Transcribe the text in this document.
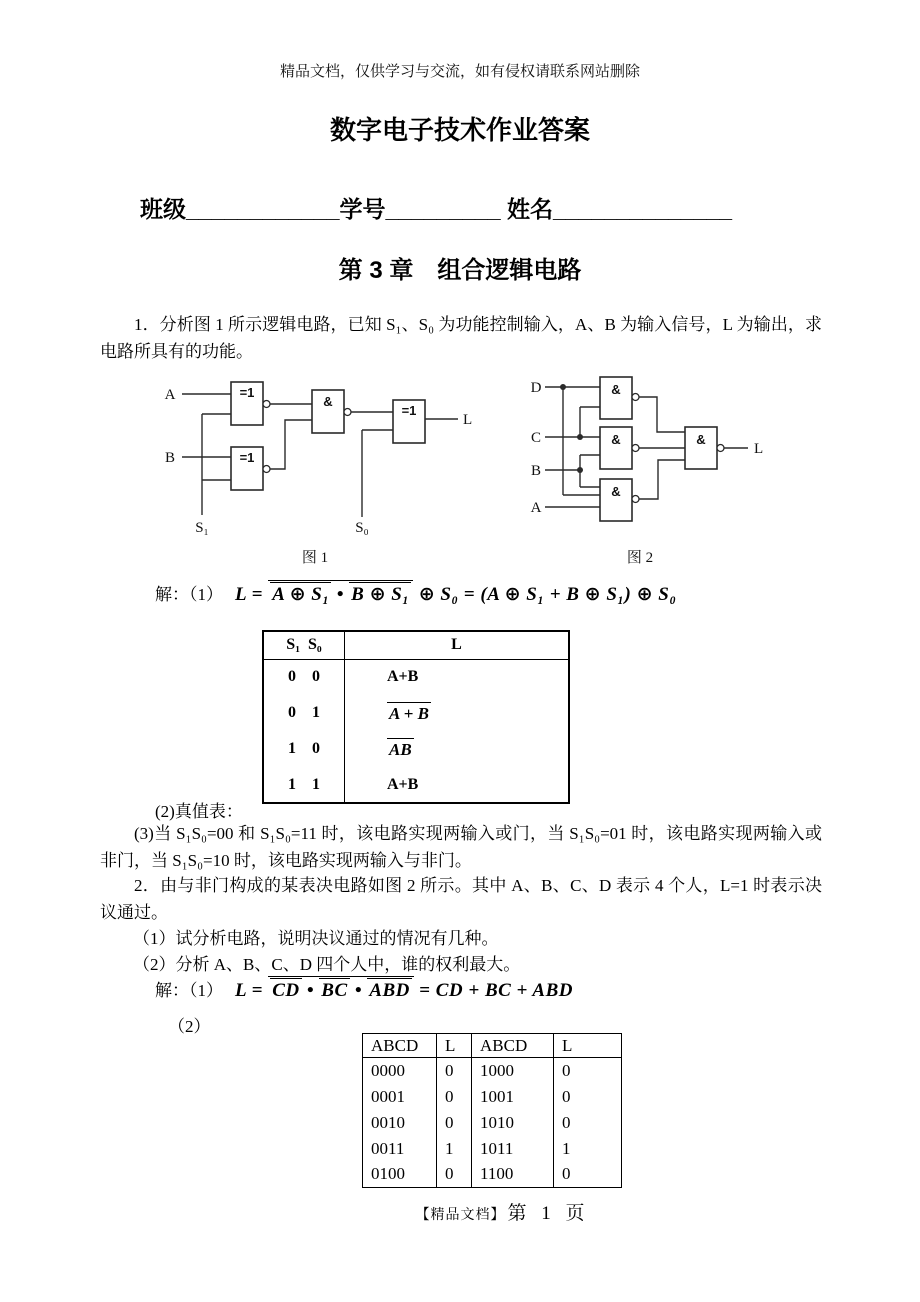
精品文档，仅供学习与交流，如有侵权请联系网站删除
数字电子技术作业答案
班级____________学号_________ 姓名______________
第 3 章　组合逻辑电路
1．分析图 1 所示逻辑电路，已知 S₁、S₀ 为功能控制输入，A、B 为输入信号，L 为输出，求电路所具有的功能。
=1
=1
&
=1
A
B
S₁	S₀
L
图 1
&
&
&
&
D
C
B
A
L
图 2
解：（1） L = A ⊕ S₁ • B ⊕ S₁ ⊕ S₀ = (A ⊕ S₁ + B ⊕ S₁) ⊕ S₀
S₁ S₀	L
0 0	A+B
0 1	A + B
1 0	AB
1 1	A+B
(2)真值表：
(3)当 S₁S₀=00 和 S₁S₀=11 时，该电路实现两输入或门，当 S₁S₀=01 时，该电路实现两输入或非门，当 S₁S₀=10 时，该电路实现两输入与非门。
2．由与非门构成的某表决电路如图 2 所示。其中 A、B、C、D 表示 4 个人，L=1 时表示决议通过。
（1）试分析电路，说明决议通过的情况有几种。
（2）分析 A、B、C、D 四个人中，谁的权利最大。
解：（1） L = CD • BC • ABD = CD + BC + ABD
（2）
ABCD	L	ABCD	L
0000	0	1000	0
0001	0	1001	0
0010	0	1010	0
0011	1	1011	1
0100	0	1100	0
【精品文档】 第 1 页
